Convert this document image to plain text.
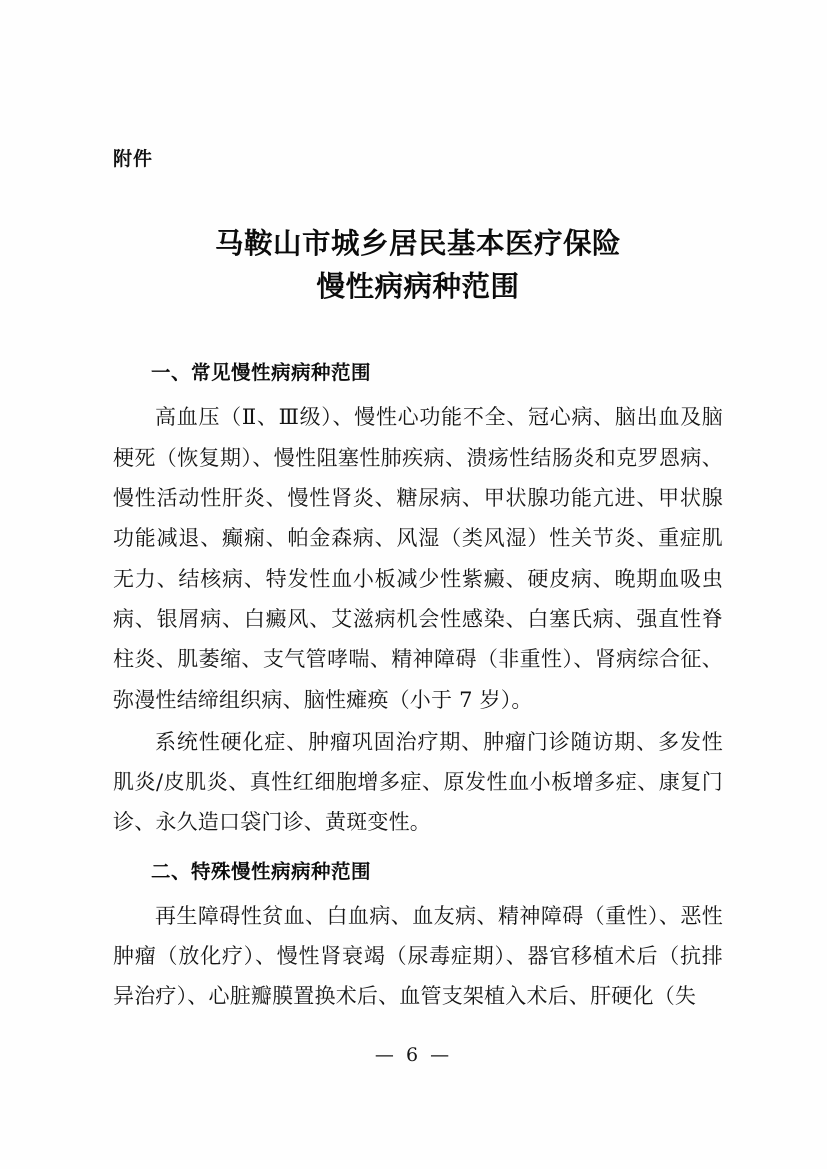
附件
马鞍山市城乡居民基本医疗保险
慢性病病种范围
一、常见慢性病病种范围

高血压（Ⅱ、Ⅲ级）、慢性心功能不全、冠心病、脑出血及脑梗死（恢复期）、慢性阻塞性肺疾病、溃疡性结肠炎和克罗恩病、慢性活动性肝炎、慢性肾炎、糖尿病、甲状腺功能亢进、甲状腺功能减退、癫痫、帕金森病、风湿（类风湿）性关节炎、重症肌无力、结核病、特发性血小板减少性紫癜、硬皮病、晚期血吸虫病、银屑病、白癜风、艾滋病机会性感染、白塞氏病、强直性脊柱炎、肌萎缩、支气管哮喘、精神障碍（非重性）、肾病综合征、弥漫性结缔组织病、脑性瘫痪（小于 7 岁）。

系统性硬化症、肿瘤巩固治疗期、肿瘤门诊随访期、多发性肌炎/皮肌炎、真性红细胞增多症、原发性血小板增多症、康复门诊、永久造口袋门诊、黄斑变性。

二、特殊慢性病病种范围

再生障碍性贫血、白血病、血友病、精神障碍（重性）、恶性肿瘤（放化疗）、慢性肾衰竭（尿毒症期）、器官移植术后（抗排异治疗）、心脏瓣膜置换术后、血管支架植入术后、肝硬化（失

— 6 —
